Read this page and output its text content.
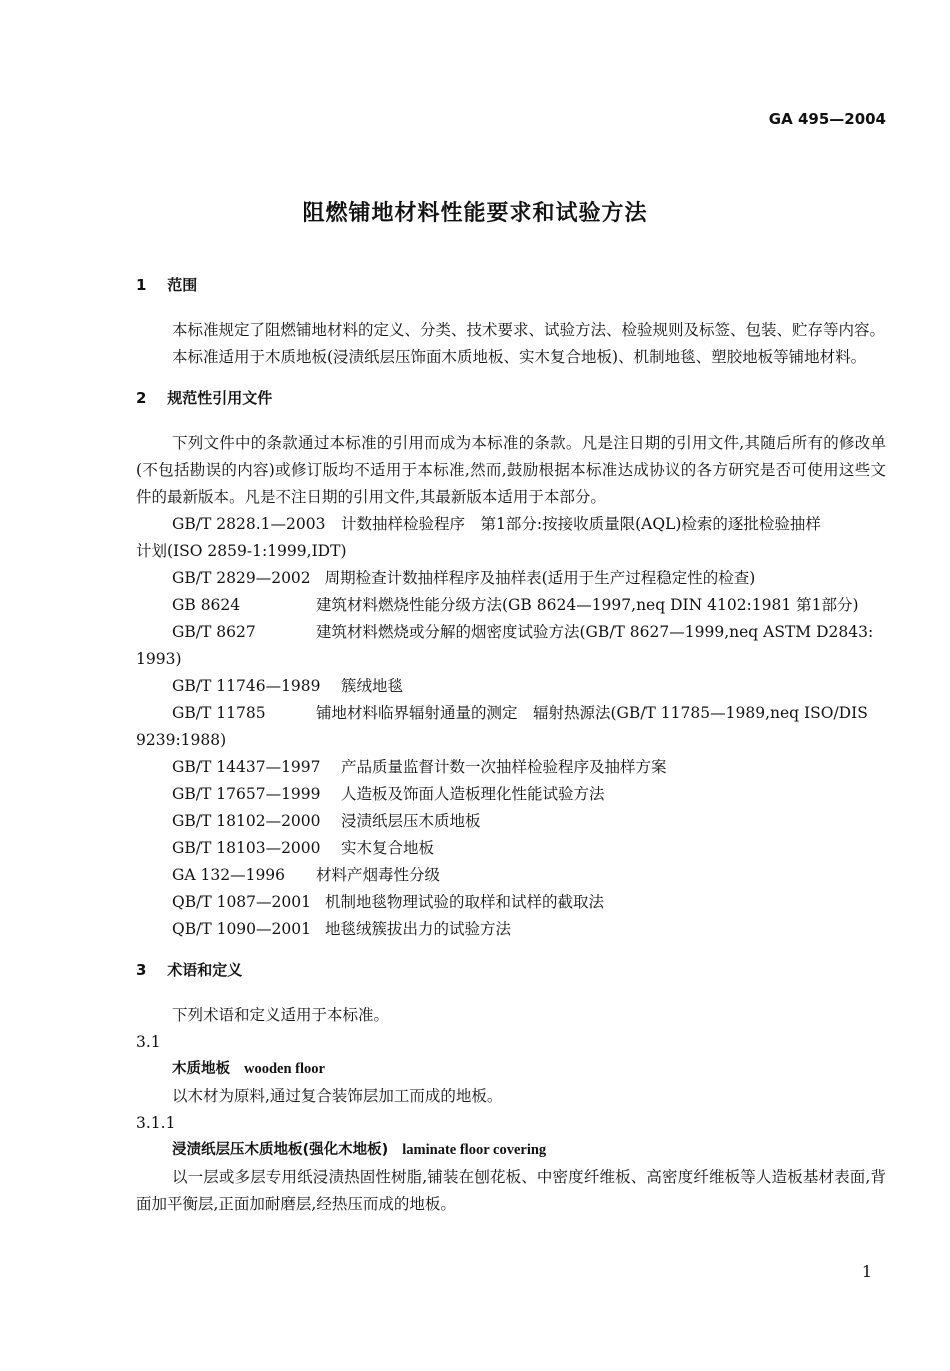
GA 495—2004
阻燃铺地材料性能要求和试验方法
1 范围

本标准规定了阻燃铺地材料的定义、分类、技术要求、试验方法、检验规则及标签、包装、贮存等内容。

本标准适用于木质地板(浸渍纸层压饰面木质地板、实木复合地板)、机制地毯、塑胶地板等铺地材料。

2 规范性引用文件

下列文件中的条款通过本标准的引用而成为本标准的条款。凡是注日期的引用文件,其随后所有的修改单(不包括勘误的内容)或修订版均不适用于本标准,然而,鼓励根据本标准达成协议的各方研究是否可使用这些文件的最新版本。凡是不注日期的引用文件,其最新版本适用于本部分。

GB/T 2828.1—2003 计数抽样检验程序　第1部分:按接收质量限(AQL)检索的逐批检验抽样

计划(ISO 2859-1:1999,IDT)

GB/T 2829—2002 周期检查计数抽样程序及抽样表(适用于生产过程稳定性的检查)

GB 8624	建筑材料燃烧性能分级方法(GB 8624—1997,neq DIN 4102:1981 第1部分)

GB/T 8627	建筑材料燃烧或分解的烟密度试验方法(GB/T 8627—1999,neq ASTM D2843:

1993)

GB/T 11746—1989 簇绒地毯

GB/T 11785	铺地材料临界辐射通量的测定　辐射热源法(GB/T 11785—1989,neq ISO/DIS

9239:1988)

GB/T 14437—1997 产品质量监督计数一次抽样检验程序及抽样方案

GB/T 17657—1999 人造板及饰面人造板理化性能试验方法

GB/T 18102—2000 浸渍纸层压木质地板

GB/T 18103—2000 实木复合地板

GA 132—1996 材料产烟毒性分级

QB/T 1087—2001 机制地毯物理试验的取样和试样的截取法

QB/T 1090—2001 地毯绒簇拔出力的试验方法

3 术语和定义

下列术语和定义适用于本标准。

3.1

木质地板 wooden floor

以木材为原料,通过复合装饰层加工而成的地板。

3.1.1

浸渍纸层压木质地板(强化木地板) laminate floor covering

以一层或多层专用纸浸渍热固性树脂,铺装在刨花板、中密度纤维板、高密度纤维板等人造板基材表面,背面加平衡层,正面加耐磨层,经热压而成的地板。

1
